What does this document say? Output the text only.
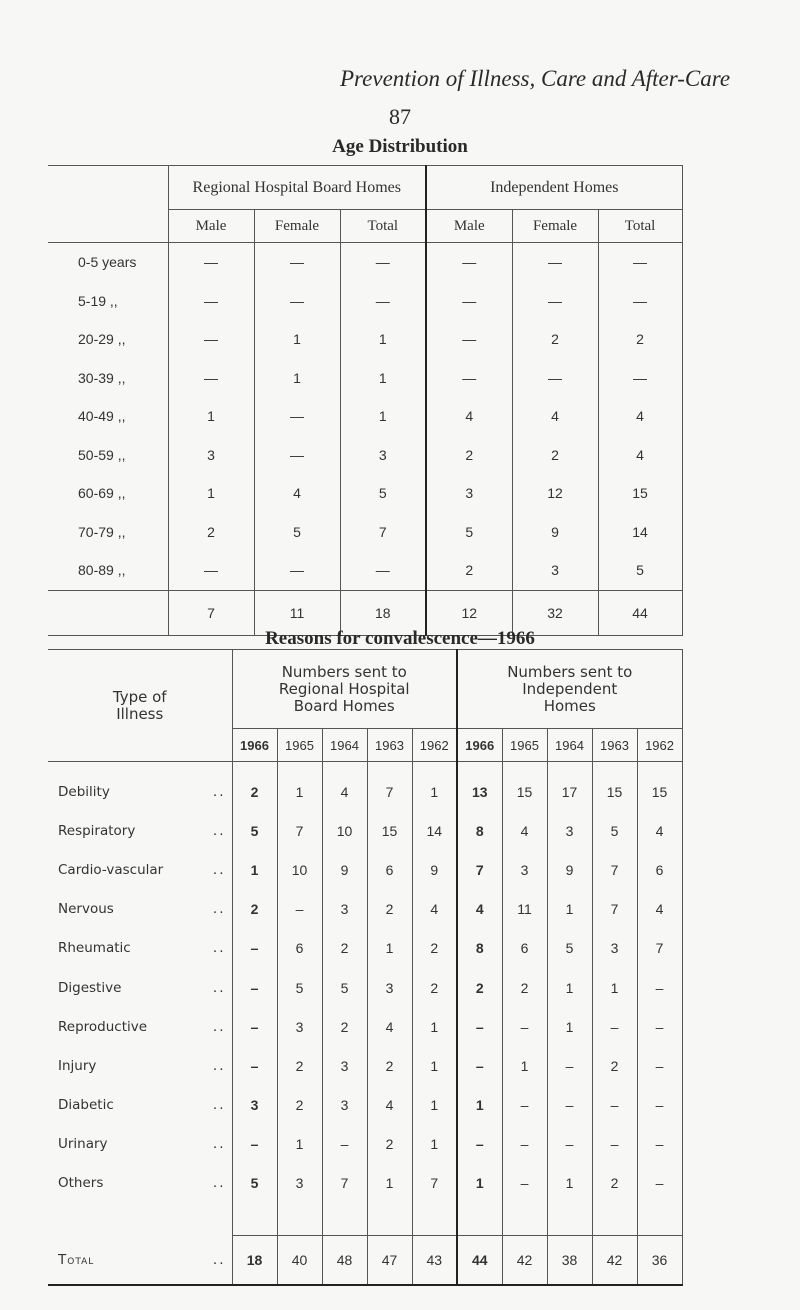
Prevention of Illness, Care and After-Care
87
Age Distribution
	Regional Hospital Board Homes			Independent Homes		
	Male	Female	Total	Male	Female	Total
0-5 years	—	—	—	—	—	—
5-19 ,,	—	—	—	—	—	—
20-29 ,,	—	1	1	—	2	2
30-39 ,,	—	1	1	—	—	—
40-49 ,,	1	—	1	4	4	4
50-59 ,,	3	—	3	2	2	4
60-69 ,,	1	4	5	3	12	15
70-79 ,,	2	5	7	5	9	14
80-89 ,,	—	—	—	2	3	5
	7	11	18	12	32	44
Reasons for convalescence—1966
Type of Illness	Numbers sent to Regional Hospital Board Homes					Numbers sent to Independent Homes				
	1966	1965	1964	1963	1962	1966	1965	1964	1963	1962

..
Debility	2	1	4	7	1	13	15	17	15	15

..
Respiratory	5	7	10	15	14	8	4	3	5	4

..
Cardio-vascular	1	10	9	6	9	7	3	9	7	6

..
Nervous	2	–	3	2	4	4	11	1	7	4

..
Rheumatic	–	6	2	1	2	8	6	5	3	7

..
Digestive	–	5	5	3	2	2	2	1	1	–

..
Reproductive	–	3	2	4	1	–	–	1	–	–

..
Injury	–	2	3	2	1	–	1	–	2	–

..
Diabetic	3	2	3	4	1	1	–	–	–	–

..
Urinary	–	1	–	2	1	–	–	–	–	–

..
Others	5	3	7	1	7	1	–	1	2	–

..
Total	18	40	48	47	43	44	42	38	42	36
